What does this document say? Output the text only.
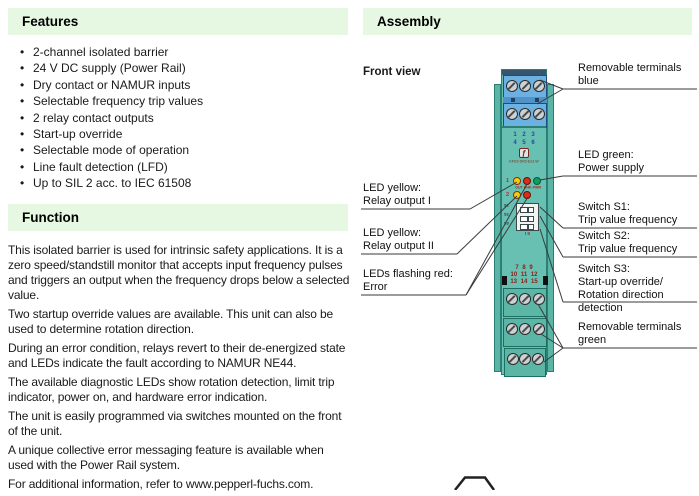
Features
• 2-channel isolated barrier
• 24 V DC supply (Power Rail)
• Dry contact or NAMUR inputs
• Selectable frequency trip values
• 2 relay contact outputs
• Start-up override
• Selectable mode of operation
• Line fault detection (LFD)
• Up to SIL 2 acc. to IEC 61508
Function

This isolated barrier is used for intrinsic safety applications. It is a zero speed/standstill monitor that accepts input frequency pulses and triggers an output when the frequency drops below a selected value.

Two startup override values are available. This unit can also be used to determine rotation direction.

During an error condition, relays revert to their de-energized state and LEDs indicate the fault according to NAMUR NE44.

The available diagnostic LEDs show rotation detection, limit trip indicator, power on, and hardware error indication.

The unit is easily programmed via switches mounted on the front of the unit.

A unique collective error messaging feature is available when used with the Power Rail system.

For additional information, refer to www.pepperl-fuchs.com.

Assembly
Front view
1 2 3
4 5 6
ƒ
KFD2-SR2-Ex2.W
1
OUT CHK PWR
2
S1
S2
S3
I II
7 8 9
10 11 12
13 14 15
LED yellow:
Relay output I
LED yellow:
Relay output II
LEDs flashing red:
Error
Removable terminals
blue
LED green:
Power supply
Switch S1:
Trip value frequency
Switch S2:
Trip value frequency
Switch S3:
Start-up override/
Rotation direction detection
Removable terminals
green
